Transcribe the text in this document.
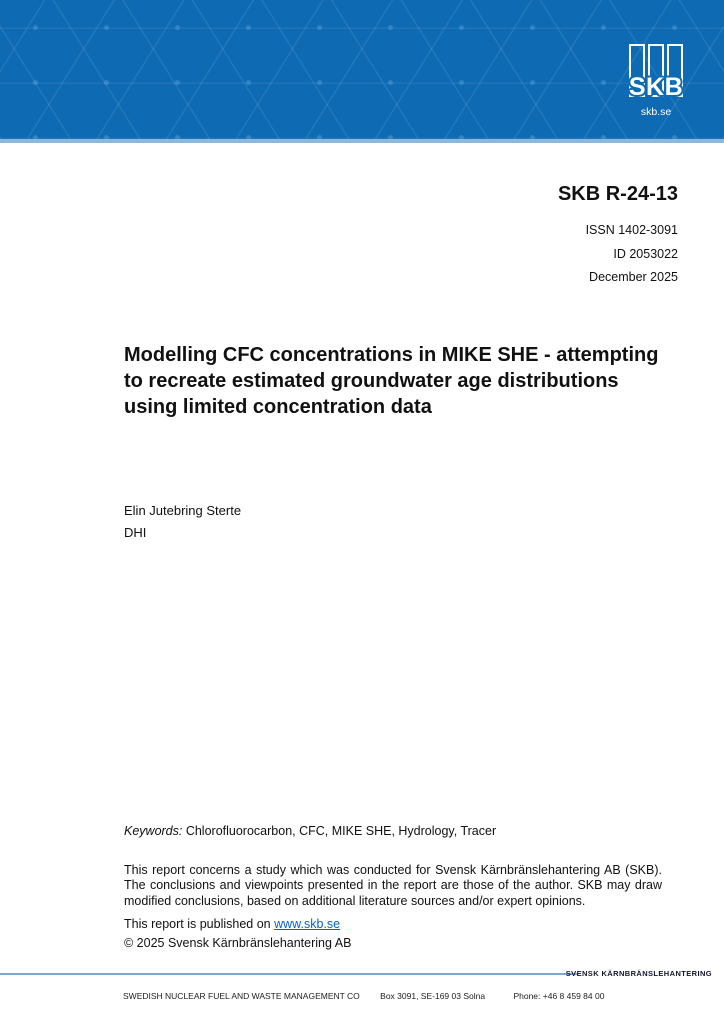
SKB
skb.se
SKB R-24-13
ISSN 1402-3091
ID 2053022
December 2025
Modelling CFC concentrations in MIKE SHE - attempting to recreate estimated groundwater age distributions using limited concentration data
Elin Jutebring Sterte
DHI
Keywords: Chlorofluorocarbon, CFC, MIKE SHE, Hydrology, Tracer

This report concerns a study which was conducted for Svensk Kärnbränslehantering AB (SKB). The conclusions and viewpoints presented in the report are those of the author. SKB may draw modified conclusions, based on additional literature sources and/or expert opinions.

This report is published on www.skb.se
© 2025 Svensk Kärnbränslehantering AB
SVENSK KÄRNBRÄNSLEHANTERING
SWEDISH NUCLEAR FUEL AND WASTE MANAGEMENT CO Box 3091, SE-169 03 Solna	Phone: +46 8 459 84 00
